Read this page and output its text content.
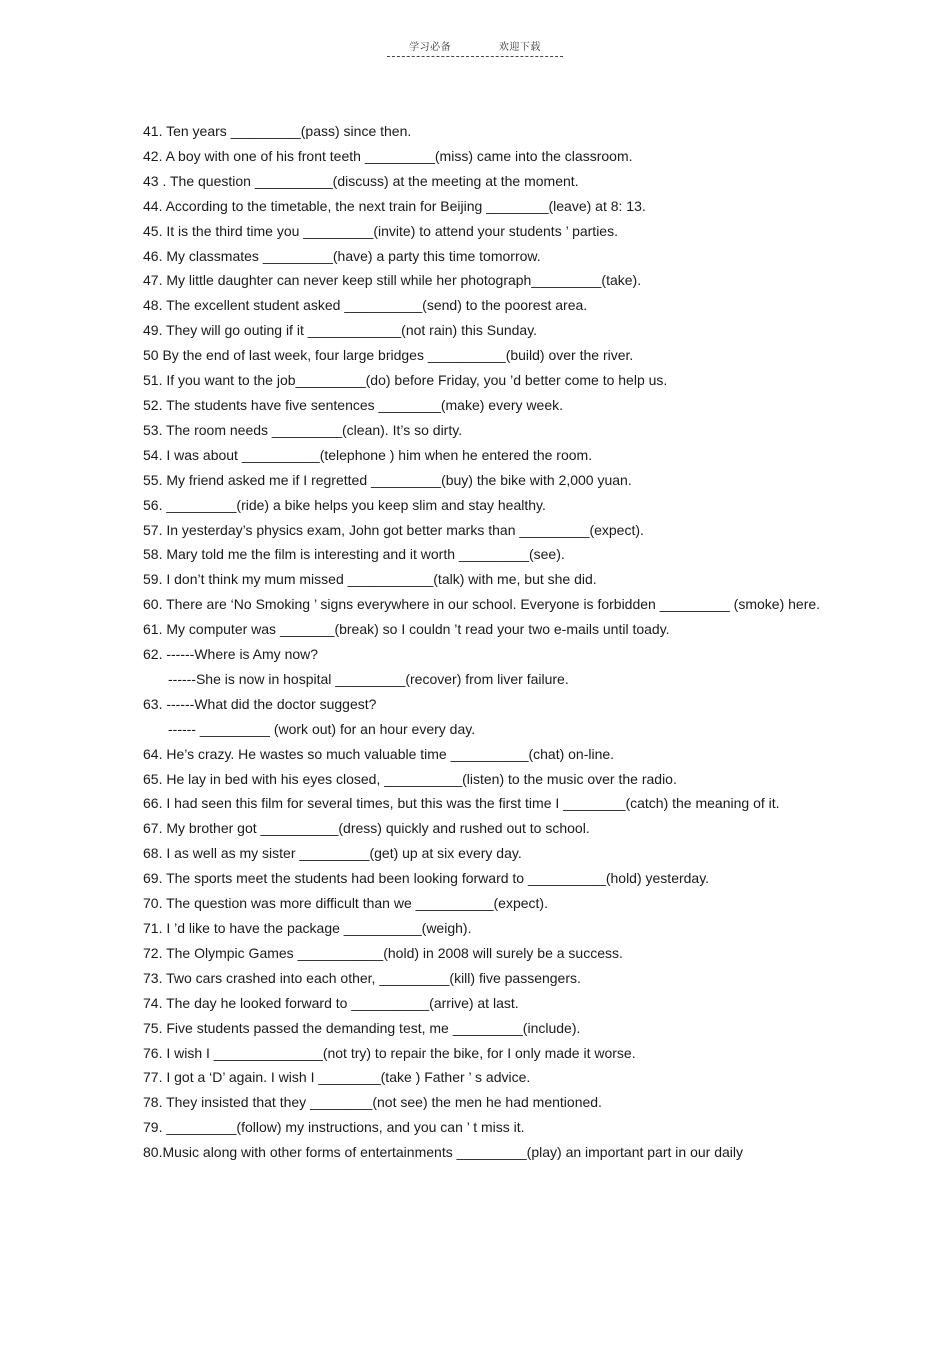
学习必备	欢迎下载
41. Ten years _________(pass) since then.
42. A boy with one of his front teeth _________(miss) came into the classroom.
43 . The question __________(discuss) at the meeting at the moment.
44. According to the timetable, the next train for Beijing ________(leave) at 8: 13.
45. It is the third time you _________(invite) to attend your students ’ parties.
46. My classmates _________(have) a party this time tomorrow.
47. My little daughter can never keep still while her photograph_________(take).
48. The excellent student asked __________(send) to the poorest area.
49. They will go outing if it ____________(not rain) this Sunday.
50 By the end of last week, four large bridges __________(build) over the river.
51. If you want to the job_________(do) before Friday, you ’d better come to help us.
52. The students have five sentences ________(make) every week.
53. The room needs _________(clean). It’s so dirty.
54. I was about __________(telephone ) him when he entered the room.
55. My friend asked me if I regretted _________(buy) the bike with 2,000 yuan.
56. _________(ride) a bike helps you keep slim and stay healthy.
57. In yesterday’s physics exam, John got better marks than _________(expect).
58. Mary told me the film is interesting and it worth _________(see).
59. I don’t think my mum missed ___________(talk) with me, but she did.
60. There are ‘No Smoking ’ signs everywhere in our school. Everyone is forbidden _________ (smoke) here.
61. My computer was _______(break) so I couldn ’t read your two e-mails until toady.
62. ------Where is Amy now?
------She is now in hospital _________(recover) from liver failure.
63. ------What did the doctor suggest?
------ _________ (work out) for an hour every day.
64. He’s crazy. He wastes so much valuable time __________(chat) on-line.
65. He lay in bed with his eyes closed, __________(listen) to the music over the radio.
66. I had seen this film for several times, but this was the first time I ________(catch) the meaning of it.
67. My brother got __________(dress) quickly and rushed out to school.
68. I as well as my sister _________(get) up at six every day.
69. The sports meet the students had been looking forward to __________(hold) yesterday.
70. The question was more difficult than we __________(expect).
71. I ’d like to have the package __________(weigh).
72. The Olympic Games ___________(hold) in 2008 will surely be a success.
73. Two cars crashed into each other, _________(kill) five passengers.
74. The day he looked forward to __________(arrive) at last.
75. Five students passed the demanding test, me _________(include).
76. I wish I ______________(not try) to repair the bike, for I only made it worse.
77. I got a ‘D’ again. I wish I ________(take ) Father ’ s advice.
78. They insisted that they ________(not see) the men he had mentioned.
79. _________(follow) my instructions, and you can ’ t miss it.
80.Music along with other forms of entertainments _________(play) an important part in our daily
